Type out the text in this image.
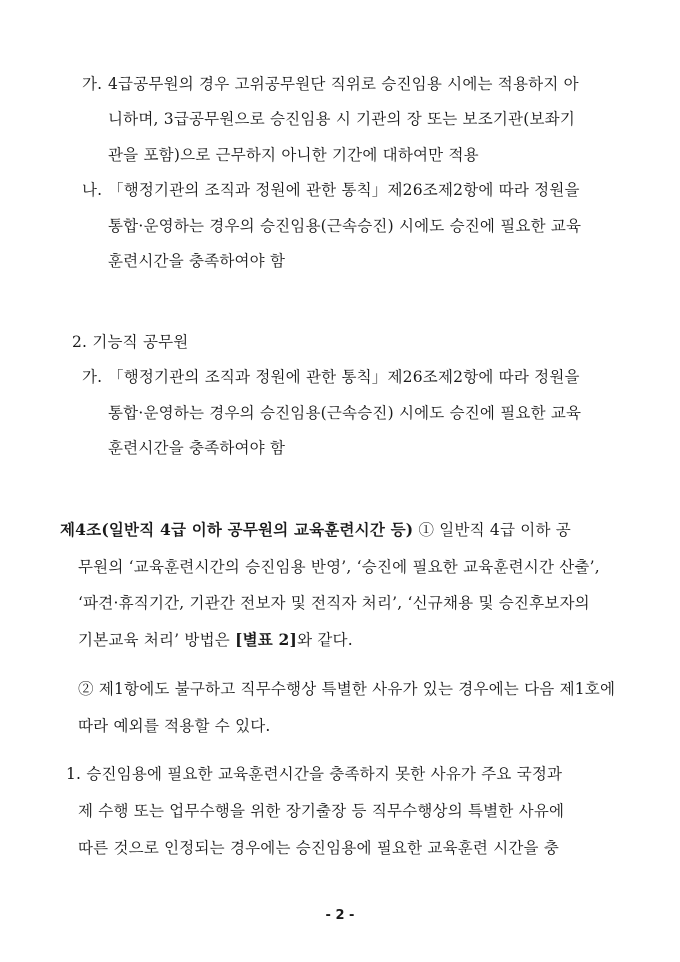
가. 4급공무원의 경우 고위공무원단 직위로 승진임용 시에는 적용하지 아
니하며, 3급공무원으로 승진임용 시 기관의 장 또는 보조기관(보좌기
관을 포함)으로 근무하지 아니한 기간에 대하여만 적용
나. 「행정기관의 조직과 정원에 관한 통칙」제26조제2항에 따라 정원을
통합·운영하는 경우의 승진임용(근속승진) 시에도 승진에 필요한 교육
훈련시간을 충족하여야 함
2. 기능직 공무원
가. 「행정기관의 조직과 정원에 관한 통칙」제26조제2항에 따라 정원을
통합·운영하는 경우의 승진임용(근속승진) 시에도 승진에 필요한 교육
훈련시간을 충족하여야 함
제4조(일반직 4급 이하 공무원의 교육훈련시간 등) ① 일반직 4급 이하 공
무원의 ‘교육훈련시간의 승진임용 반영’, ‘승진에 필요한 교육훈련시간 산출’,
‘파견·휴직기간, 기관간 전보자 및 전직자 처리’, ‘신규채용 및 승진후보자의
기본교육 처리’ 방법은 [별표 2]와 같다.
② 제1항에도 불구하고 직무수행상 특별한 사유가 있는 경우에는 다음 제1호에
따라 예외를 적용할 수 있다.
1. 승진임용에 필요한 교육훈련시간을 충족하지 못한 사유가 주요 국정과
제 수행 또는 업무수행을 위한 장기출장 등 직무수행상의 특별한 사유에
따른 것으로 인정되는 경우에는 승진임용에 필요한 교육훈련 시간을 충
- 2 -
